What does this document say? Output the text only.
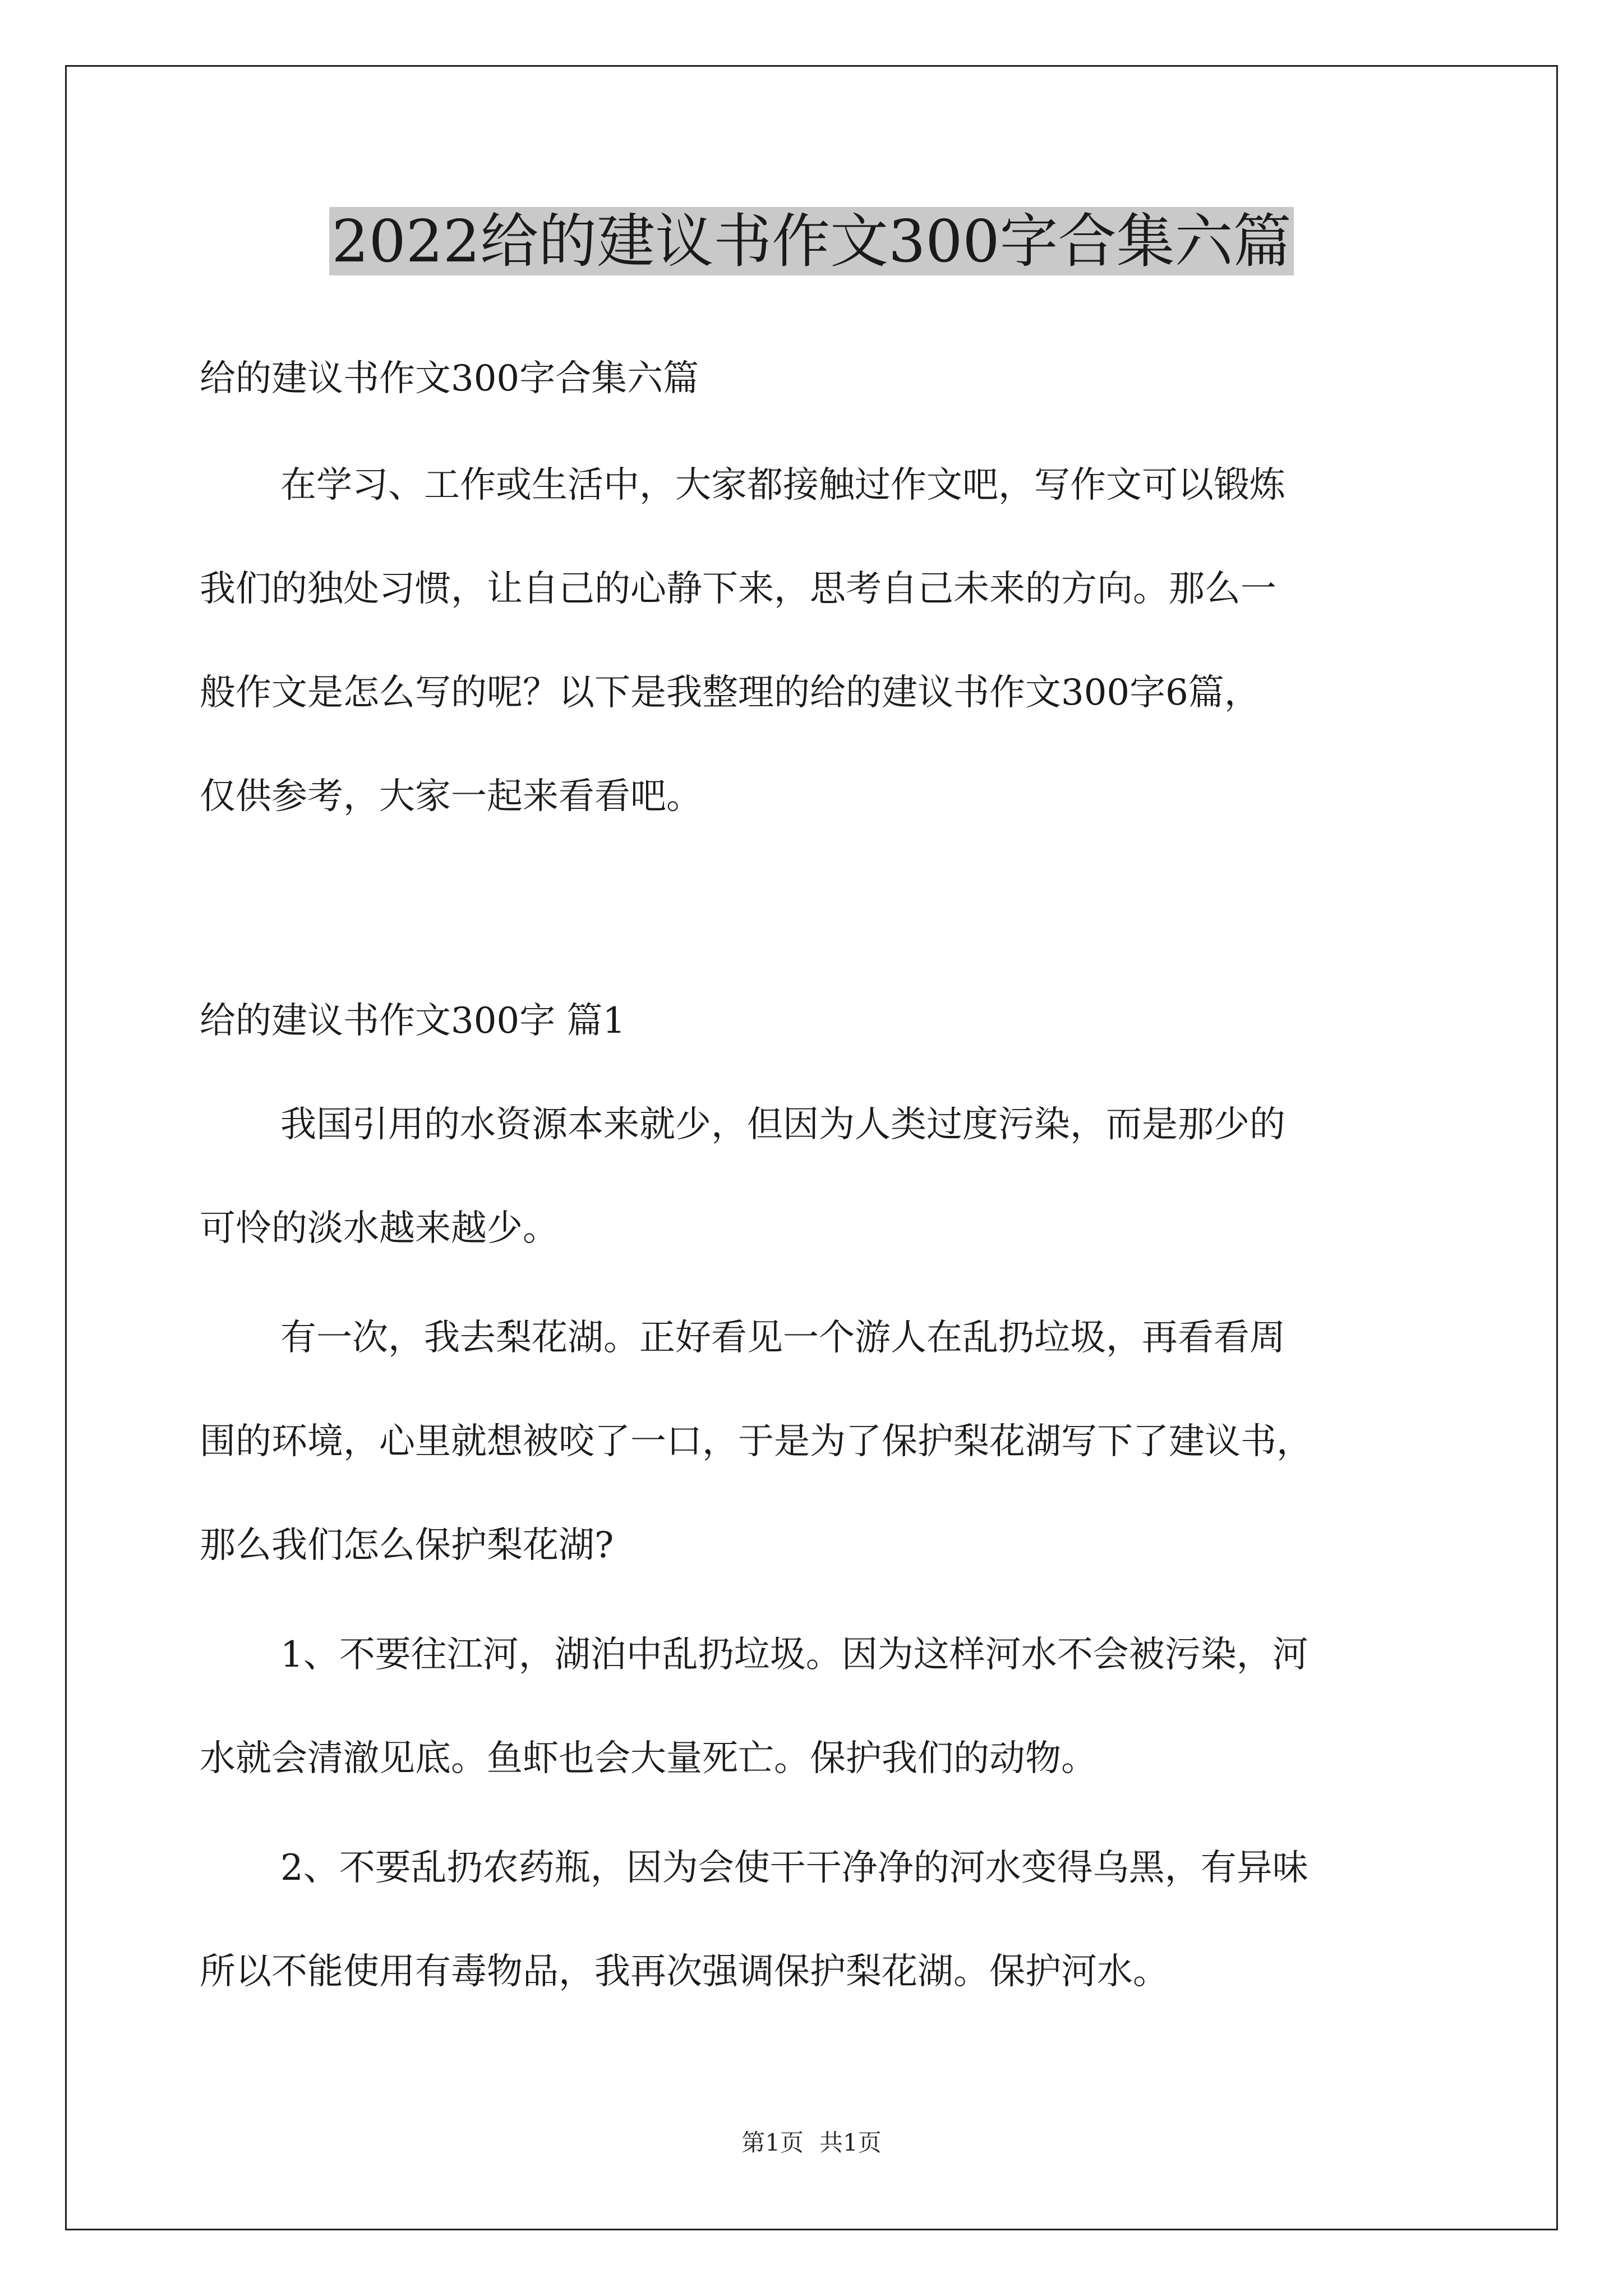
2022给的建议书作文300字合集六篇
给的建议书作文300字合集六篇
在学习、工作或生活中，大家都接触过作文吧，写作文可以锻炼
我们的独处习惯，让自己的心静下来，思考自己未来的方向。那么一
般作文是怎么写的呢？以下是我整理的给的建议书作文300字6篇，
仅供参考，大家一起来看看吧。
给的建议书作文300字 篇1
我国引用的水资源本来就少，但因为人类过度污染，而是那少的
可怜的淡水越来越少。
有一次，我去梨花湖。正好看见一个游人在乱扔垃圾，再看看周
围的环境，心里就想被咬了一口，于是为了保护梨花湖写下了建议书，
那么我们怎么保护梨花湖?
1、不要往江河，湖泊中乱扔垃圾。因为这样河水不会被污染，河
水就会清澈见底。鱼虾也会大量死亡。保护我们的动物。
2、不要乱扔农药瓶，因为会使干干净净的河水变得乌黑，有异味
所以不能使用有毒物品，我再次强调保护梨花湖。保护河水。
第1页 共1页
